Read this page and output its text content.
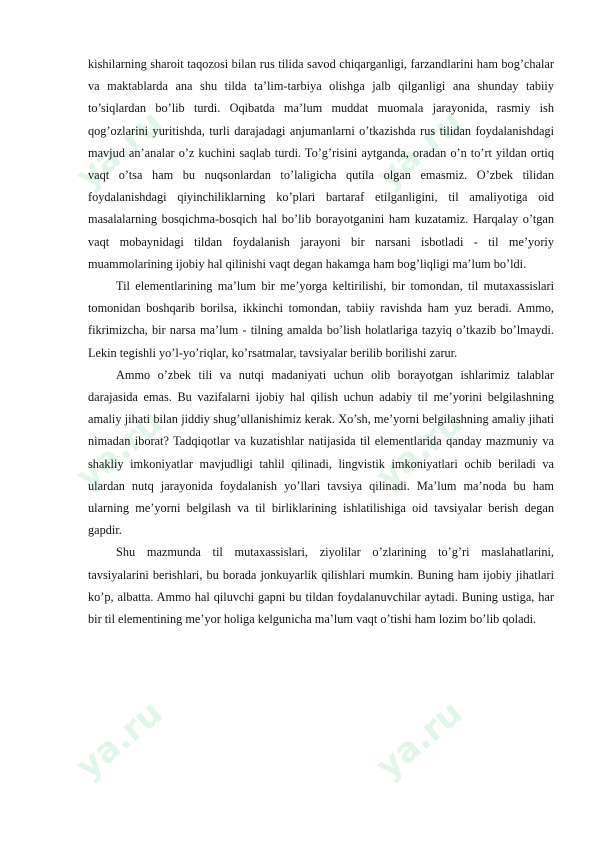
ya.ru	ya.ru
ya.ru	ya.ru
ya.ru	ya.ru

kishilarning sharoit taqozosi bilan rus tilida savod chiqarganligi, farzandlarini ham bog’chalar va maktablarda ana shu tilda ta’lim-tarbiya olishga jalb qilganligi ana shunday tabiiy to’siqlardan bo’lib turdi. Oqibatda ma’lum muddat muomala jarayonida, rasmiy ish qog’ozlarini yuritishda, turli darajadagi anjumanlarni o’tkazishda rus tilidan foydalanishdagi mavjud an’analar o’z kuchini saqlab turdi. To’g’risini aytganda, oradan o’n to’rt yildan ortiq vaqt o’tsa ham bu nuqsonlardan to’laligicha qutila olgan emasmiz. O’zbek tilidan foydalanishdagi qiyinchiliklarning ko’plari bartaraf etilganligini, til amaliyotiga oid masalalarning bosqichma-bosqich hal bo’lib borayotganini ham kuzatamiz. Harqalay o’tgan vaqt mobaynidagi tildan foydalanish jarayoni bir narsani isbotladi - til me’yoriy muammolarining ijobiy hal qilinishi vaqt degan hakamga ham bog’liqligi ma’lum bo’ldi.

Til elementlarining ma’lum bir me’yorga keltirilishi, bir tomondan, til mutaxassislari tomonidan boshqarib borilsa, ikkinchi tomondan, tabiiy ravishda ham yuz beradi. Ammo, fikrimizcha, bir narsa ma’lum - tilning amalda bo’lish holatlariga tazyiq o’tkazib bo’lmaydi. Lekin tegishli yo’l-yo’riqlar, ko’rsatmalar, tavsiyalar berilib borilishi zarur.

Ammo o’zbek tili va nutqi madaniyati uchun olib borayotgan ishlarimiz talablar darajasida emas. Bu vazifalarni ijobiy hal qilish uchun adabiy til me’yorini belgilashning amaliy jihati bilan jiddiy shug’ullanishimiz kerak. Xo’sh, me’yorni belgilashning amaliy jihati nimadan iborat? Tadqiqotlar va kuzatishlar natijasida til elementlarida qanday mazmuniy va shakliy imkoniyatlar mavjudligi tahlil qilinadi, lingvistik imkoniyatlari ochib beriladi va ulardan nutq jarayonida foydalanish yo’llari tavsiya qilinadi. Ma’lum ma’noda bu ham ularning me’yorni belgilash va til birliklarining ishlatilishiga oid tavsiyalar berish degan gapdir.

Shu mazmunda til mutaxassislari, ziyolilar o’zlarining to’g’ri maslahatlarini, tavsiyalarini berishlari, bu borada jonkuyarlik qilishlari mumkin. Buning ham ijobiy jihatlari ko’p, albatta. Ammo hal qiluvchi gapni bu tildan foydalanuvchilar aytadi. Buning ustiga, har bir til elementining me’yor holiga kelgunicha ma’lum vaqt o’tishi ham lozim bo’lib qoladi.
